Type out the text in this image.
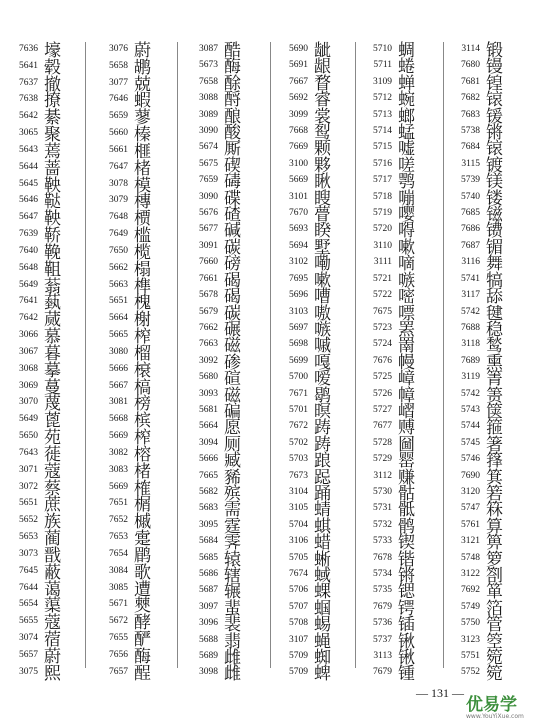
7636 壕
5641 毂
7637 撤
7638 撩
5642 綦
3065 聚
5643 蔫
5644 蔷
5645 鞅
5646 鞑
5647 鞅
7639 鞒
7640 鞔
5648 靻
5649 蓊
7641 蓺
7642 蒇
3066 慕
3067 暮
3068 摹
3069 蔓
3070 蔑
5649 蓖
5650 苑
7643 蓰
3071 蔻
3072 蔡
5651 蔗
5652 族
5653 蔺
3073 戬
7645 蔽
7644 蔼
5654 蕖
5655 蔻
3074 蓿
5657 蔚
3075 熙
3076 蔚
5658 鹕
3077 兢
7646 蝦
5659 蓼
5660 榛
5661 榧
7647 楮
3078 模
3079 槫
7648 槚
7649 槛
7650 榄
5662 榻
5663 榫
5651 槐
5664 榭
5665 榨
3080 榴
5666 榱
5667 槁
3081 榜
5668 槟
5669 榨
3082 榕
3083 楮
5669 榷
7651 榍
7652 槭
7653 疐
7654 鹛
3084 歌
3085 遭
5671 僰
5672 酵
7655 酽
7656 酶
7657 酲
3087 酷
5673 酶
7658 酴
3088 酹
3089 酿
3090 酸
5674 厮
5675 碶
7659 碡
3090 碟
5676 碴
5677 碱
3091 碳
7660 磅
7661 碣
5678 碣
5679 碳
7662 碾
7663 磁
3092 碜
5680 碹
3093 磁
5681 碥
5664 愿
3094 厕
5666 臧
7665 豨
5682 殡
5683 需
3095 霆
5684 霁
5685 辕
5686 辖
5687 辗
3097 蜚
3096 裴
5688 翡
5689 雌
3098 雌
5690 龇
5691 龈
7667 瞀
5692 睿
3099 裳
7668 䴕
7669 颗
3100 夥
5669 瞅
3101 瞍
7670 瞢
5693 睽
5694 墅
3102 嘞
7695 嗽
5696 嘈
3103 嗷
5697 嗾
5698 嘁
5699 嘎
5700 嗳
7671 鹖
5701 暝
7672 踌
5702 踌
5703 踉
7673 跽
3104 踊
3105 蜻
5704 蜞
3106 蜡
5705 蜥
7674 蜮
5706 蜾
5707 蝈
5708 蜴
3107 蝇
5709 蜘
5709 蜱
5710 蜩
5711 蜷
3109 蝉
5712 蜿
5713 螂
5714 蜢
5715 嘘
5716 嗟
5717 鹗
5718 嘣
5719 嘤
5720 嘚
3110 嗽
3111 嘀
5721 嗾
5722 嘧
7675 嘌
5723 罴
5724 罱
7676 幔
5725 嶂
5726 幛
5727 嶍
7677 赙
5728 圙
5729 罂
3112 赚
5730 骷
5731 骶
5732 鹘
5733 锲
7678 锴
5734 锵
5735 锶
7679 锷
5736 锸
5737 锹
3113 锹
7679 锺
3114 锻
7680 镘
7681 锽
7682 锿
7683 锾
5738 锵
7684 锿
3115 镀
5739 镁
5740 镂
7685 镃
7686 镄
7687 镅
3116 舞
5741 犒
3117 舔
5742 毽
7688 稳
3118 鹙
7689 熏
3119 箐
5742 箦
5743 箧
5744 箍
5745 箸
5746 箨
7690 箕
3120 箬
5747 箖
5761 算
3121 箅
5748 箩
3122 劄
7692 箪
5749 箔
5750 管
3123 箜
5751 箢
5752 箢
— 131 —
优易学
www.YouYiXue.com
